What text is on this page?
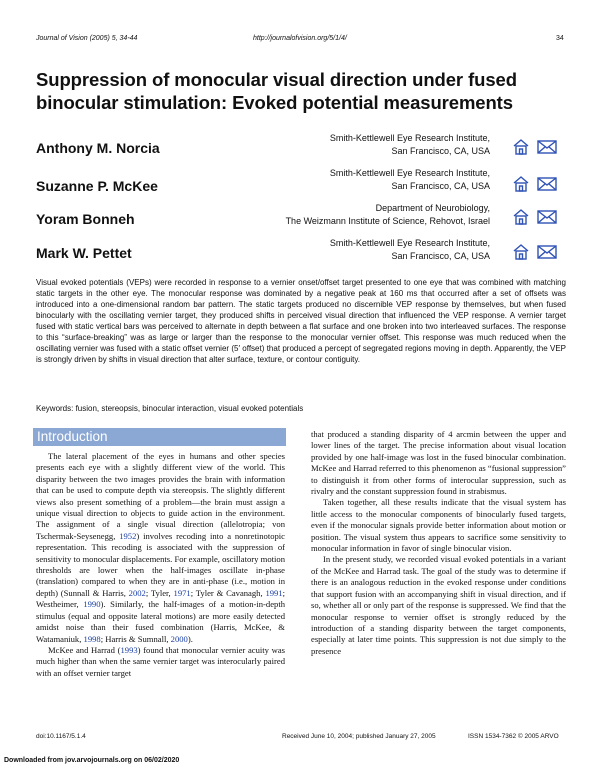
Journal of Vision (2005) 5, 34-44	http://journalofvision.org/5/1/4/	34
Suppression of monocular visual direction under fused binocular stimulation: Evoked potential measurements
Anthony M. Norcia
Smith-Kettlewell Eye Research Institute,
San Francisco, CA, USA
Suzanne P. McKee
Smith-Kettlewell Eye Research Institute,
San Francisco, CA, USA
Yoram Bonneh
Department of Neurobiology,
The Weizmann Institute of Science, Rehovot, Israel
Mark W. Pettet
Smith-Kettlewell Eye Research Institute,
San Francisco, CA, USA
Visual evoked potentials (VEPs) were recorded in response to a vernier onset/offset target presented to one eye that was combined with matching static targets in the other eye. The monocular response was dominated by a negative peak at 160 ms that occurred after a set of offsets was introduced into a one-dimensional random bar pattern. The static targets produced no discernible VEP response by themselves, but when fused binocularly with the oscillating vernier target, they produced shifts in perceived visual direction that influenced the VEP response. A vernier target fused with static vertical bars was perceived to alternate in depth between a flat surface and one broken into two interleaved surfaces. The response to this “surface-breaking” was as large or larger than the response to the monocular vernier offset. This response was much reduced when the oscillating vernier was fused with a static offset vernier (5′ offset) that produced a percept of segregated regions moving in depth. Apparently, the VEP is strongly driven by shifts in visual direction that alter surface, texture, or contour contiguity.
Keywords: fusion, stereopsis, binocular interaction, visual evoked potentials
Introduction

The lateral placement of the eyes in humans and other species presents each eye with a slightly different view of the world. This disparity between the two images provides the brain with information that can be used to compute depth via stereopsis. The slightly different views also present something of a problem—the brain must assign a unique visual direction to objects to guide action in the environment. The assignment of a single visual direction (allelotropia; von Tschermak-Seysenegg, 1952) involves recoding into a nonretinotopic representation. This recoding is associated with the suppression of sensitivity to monocular displacements. For example, oscillatory motion thresholds are lower when the half-images oscillate in-phase (translation) compared to when they are in anti-phase (i.e., motion in depth) (Sunnall & Harris, 2002; Tyler, 1971; Tyler & Cavanagh, 1991; Westheimer, 1990). Similarly, the half-images of a motion-in-depth stimulus (equal and opposite lateral motions) are more easily detected amidst noise than their fused combination (Harris, McKee, & Watamaniuk, 1998; Harris & Sumnall, 2000).

McKee and Harrad (1993) found that monocular vernier acuity was much higher than when the same vernier target was interocularly paired with an offset vernier target

that produced a standing disparity of 4 arcmin between the upper and lower lines of the target. The precise information about visual location provided by one half-image was lost in the fused binocular combination. McKee and Harrad referred to this phenomenon as “fusional suppression” to distinguish it from other forms of interocular suppression, such as rivalry and the constant suppression found in strabismus.

Taken together, all these results indicate that the visual system has little access to the monocular components of binocularly fused targets, even if the monocular signals provide better information about motion or position. The visual system thus appears to sacrifice some sensitivity to monocular information in favor of single binocular vision.

In the present study, we recorded visual evoked potentials in a variant of the McKee and Harrad task. The goal of the study was to determine if there is an analogous reduction in the evoked response under conditions that support fusion with an accompanying shift in visual direction, and if so, whether all or only part of the response is suppressed. We find that the monocular response to vernier offset is strongly reduced by the introduction of a standing disparity between the target components, especially at later time points. This suppression is not due simply to the presence

doi:10.1167/5.1.4	Received June 10, 2004; published January 27, 2005	ISSN 1534-7362 © 2005 ARVO
Downloaded from jov.arvojournals.org on 06/02/2020
